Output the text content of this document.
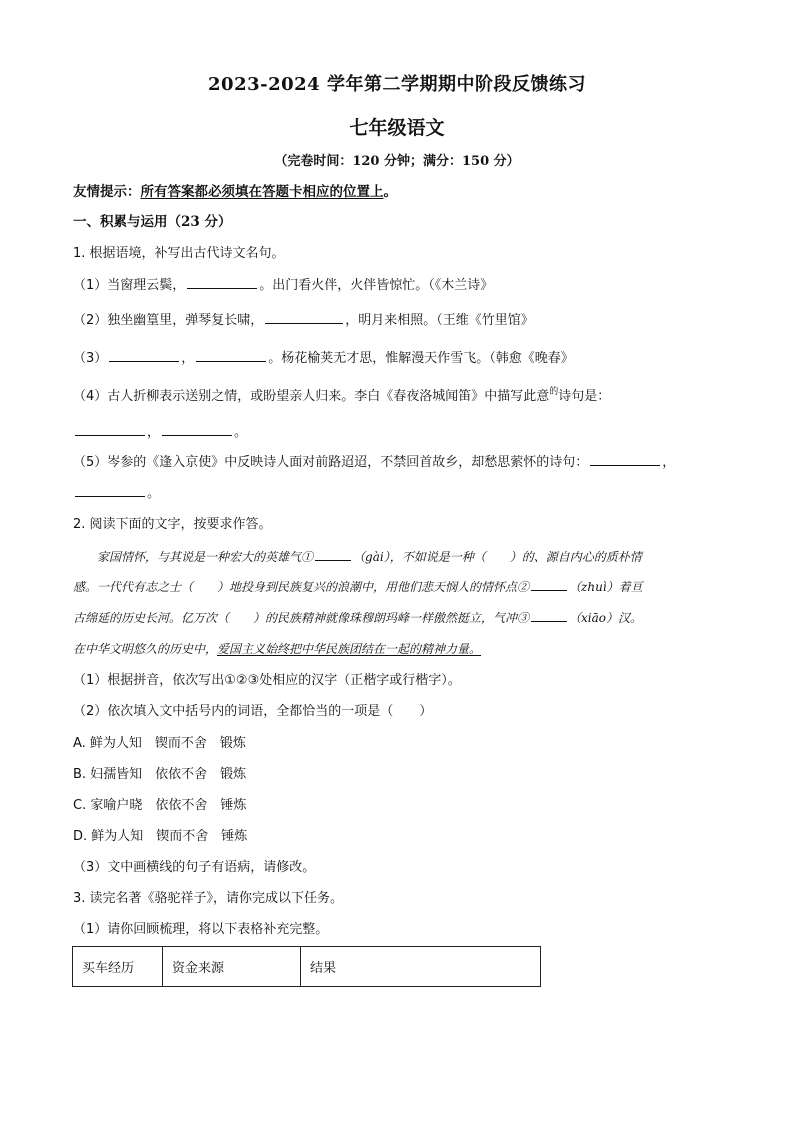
2023-2024 学年第二学期期中阶段反馈练习
七年级语文
（完卷时间：120 分钟；满分：150 分）
友情提示：所有答案都必须填在答题卡相应的位置上。
一、积累与运用（23 分）
1. 根据语境，补写出古代诗文名句。
（1）当窗理云鬓，	。出门看火伴，火伴皆惊忙。（《木兰诗》
（2）独坐幽篁里，弹琴复长啸，	，明月来相照。（王维《竹里馆》
（3）	，	。杨花榆荚无才思，惟解漫天作雪飞。（韩愈《晚春》
（4）古人折柳表示送别之情，或盼望亲人归来。李白《春夜洛城闻笛》中描写此意$^的$诗句是：
，	。
（5）岑参的《逢入京使》中反映诗人面对前路迢迢，不禁回首故乡，却愁思萦怀的诗句：	，
。
2. 阅读下面的文字，按要求作答。
家国情怀，与其说是一种宏大的英雄气①	（gài），不如说是一种（　　）的、源自内心的质朴情
感。一代代有志之士（　　）地投身到民族复兴的浪潮中，用他们悲天悯人的情怀点②	（zhuì）着亘
古绵延的历史长河。亿万次（　　）的民族精神就像珠穆朗玛峰一样傲然挺立，气冲③	（xiāo）汉。
在中华文明悠久的历史中，爱国主义始终把中华民族团结在一起的精神力量。
（1）根据拼音，依次写出①②③处相应的汉字（正楷字或行楷字）。
（2）依次填入文中括号内的词语，全都恰当的一项是（　　）
A. 鲜为人知　锲而不舍　锻炼
B. 妇孺皆知　依依不舍　锻炼
C. 家喻户晓　依依不舍　锤炼
D. 鲜为人知　锲而不舍　锤炼
（3）文中画横线的句子有语病，请修改。
3. 读完名著《骆驼祥子》，请你完成以下任务。
（1）请你回顾梳理，将以下表格补充完整。
买车经历	资金来源	结果
